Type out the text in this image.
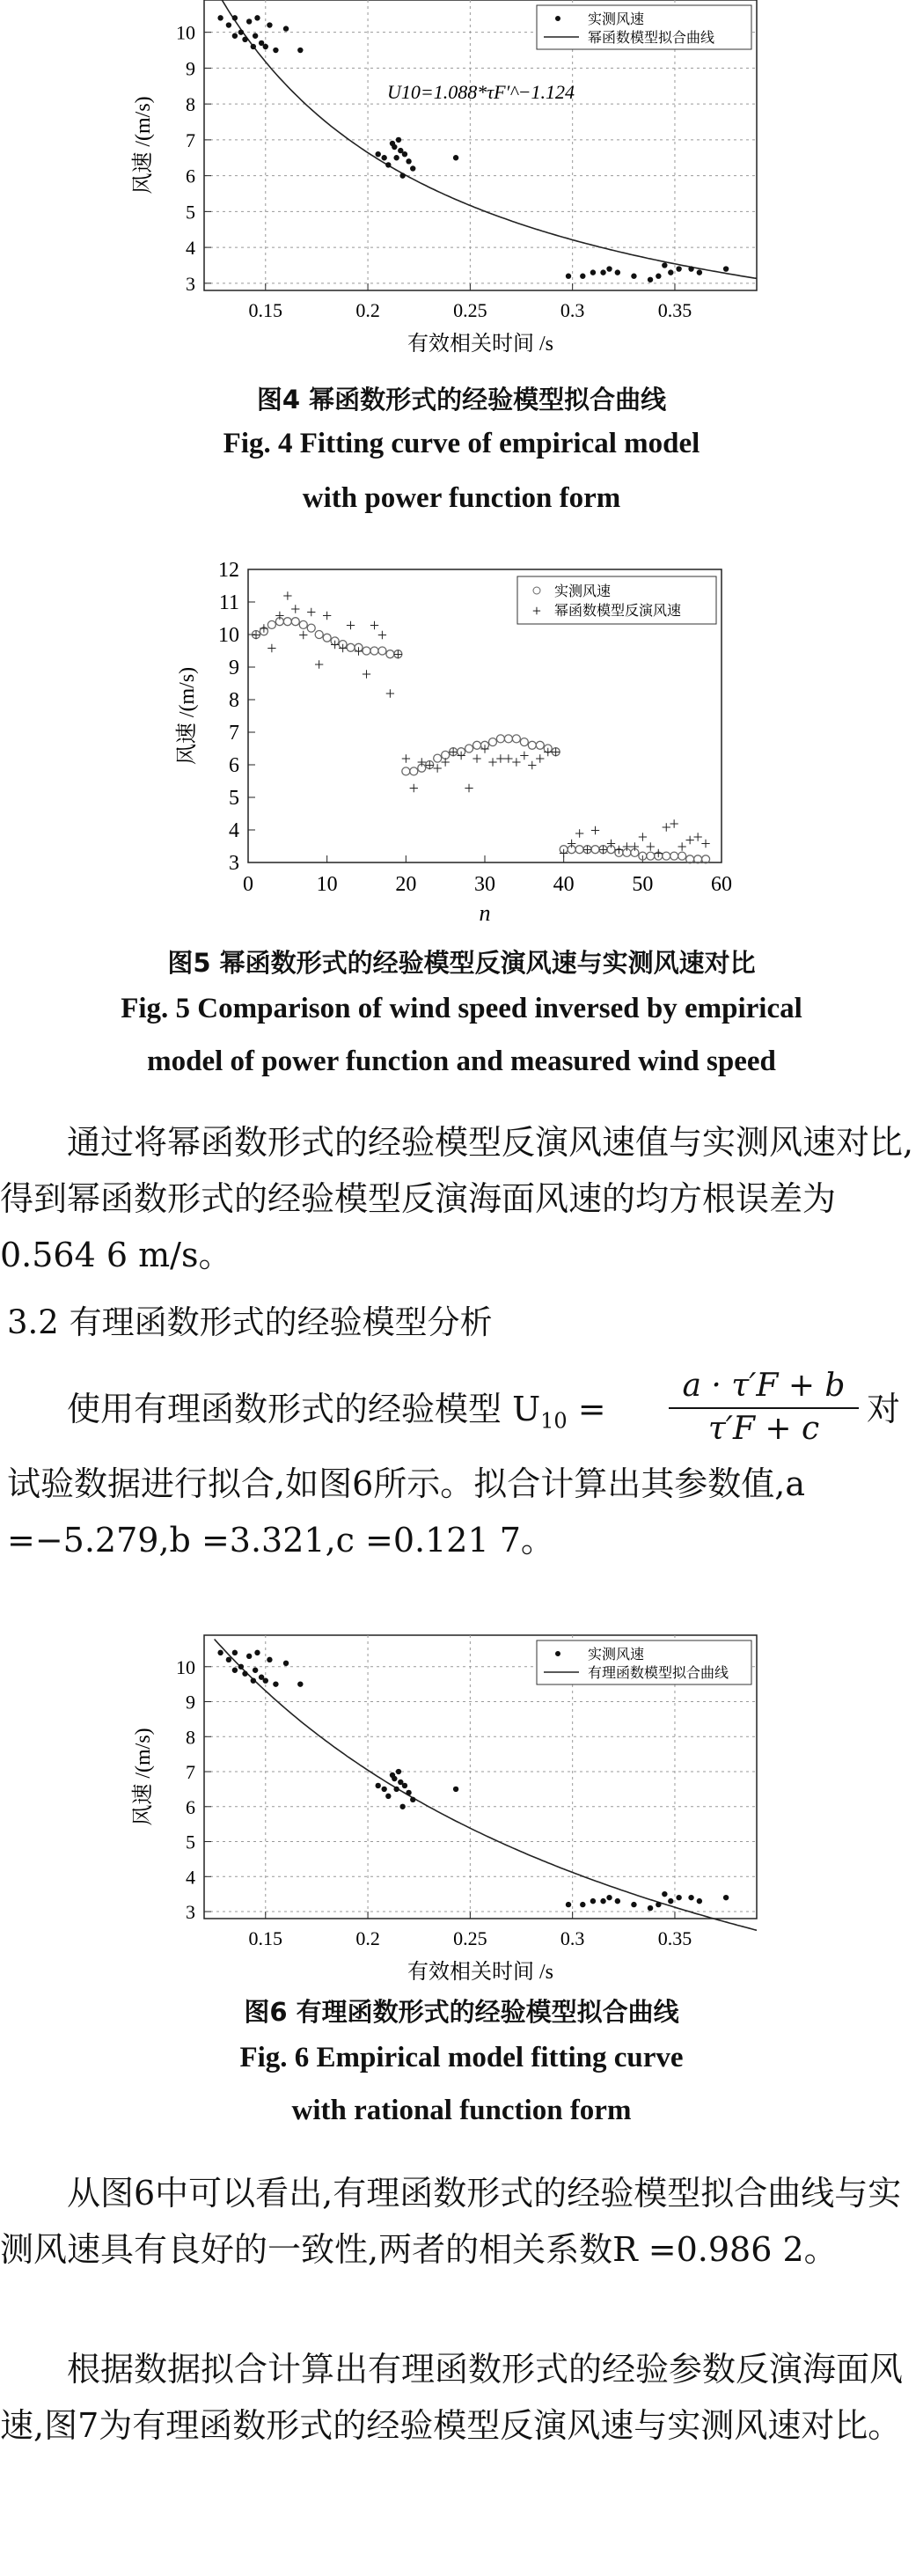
0.15	0.2	0.25	0.3	0.35
3
4
5
6
7
8
9
10
实测风速
幂函数模型拟合曲线
有效相关时间 /s
风速 /(m/s)
U10=1.088*τF′^−1.124
图4 幂函数形式的经验模型拟合曲线
Fig. 4 Fitting curve of empirical model
with power function form
0	10	20	30	40	50	60
3
4
5
6
7
8
9
10
11
12
+
+
+
+
+
+
+
+
+
+
+
+
+
+
+
+
+
+
+
+
+
+
+
+
+
+
+
+
+
+
+
+
+
+
+
+
+
+
+
+
+
+
+
+
+
+
+
+
+
+
+
+
+
+
+
+
+
+
实测风速
+ 幂函数模型反演风速
n
风速 /(m/s)
图5 幂函数形式的经验模型反演风速与实测风速对比
Fig. 5 Comparison of wind speed inversed by empirical
model of power function and measured wind speed
通过将幂函数形式的经验模型反演风速值与实测风速对比,得到幂函数形式的经验模型反演海面风速的均方根误差为0.564 6 m/s。
3.2 有理函数形式的经验模型分析
使用有理函数形式的经验模型 $U_{10}$ =	对
a · τ′F + b
τ′F + c
试验数据进行拟合,如图6所示。拟合计算出其参数值,a =−5.279,b =3.321,c =0.121 7。
0.15	0.2	0.25	0.3	0.35
3
4
5
6
7
8
9
10
实测风速
有理函数模型拟合曲线
有效相关时间 /s
风速 /(m/s)
图6 有理函数形式的经验模型拟合曲线
Fig. 6 Empirical model fitting curve
with rational function form
从图6中可以看出,有理函数形式的经验模型拟合曲线与实测风速具有良好的一致性,两者的相关系数R =0.986 2。
根据数据拟合计算出有理函数形式的经验参数反演海面风速,图7为有理函数形式的经验模型反演风速与实测风速对比。
